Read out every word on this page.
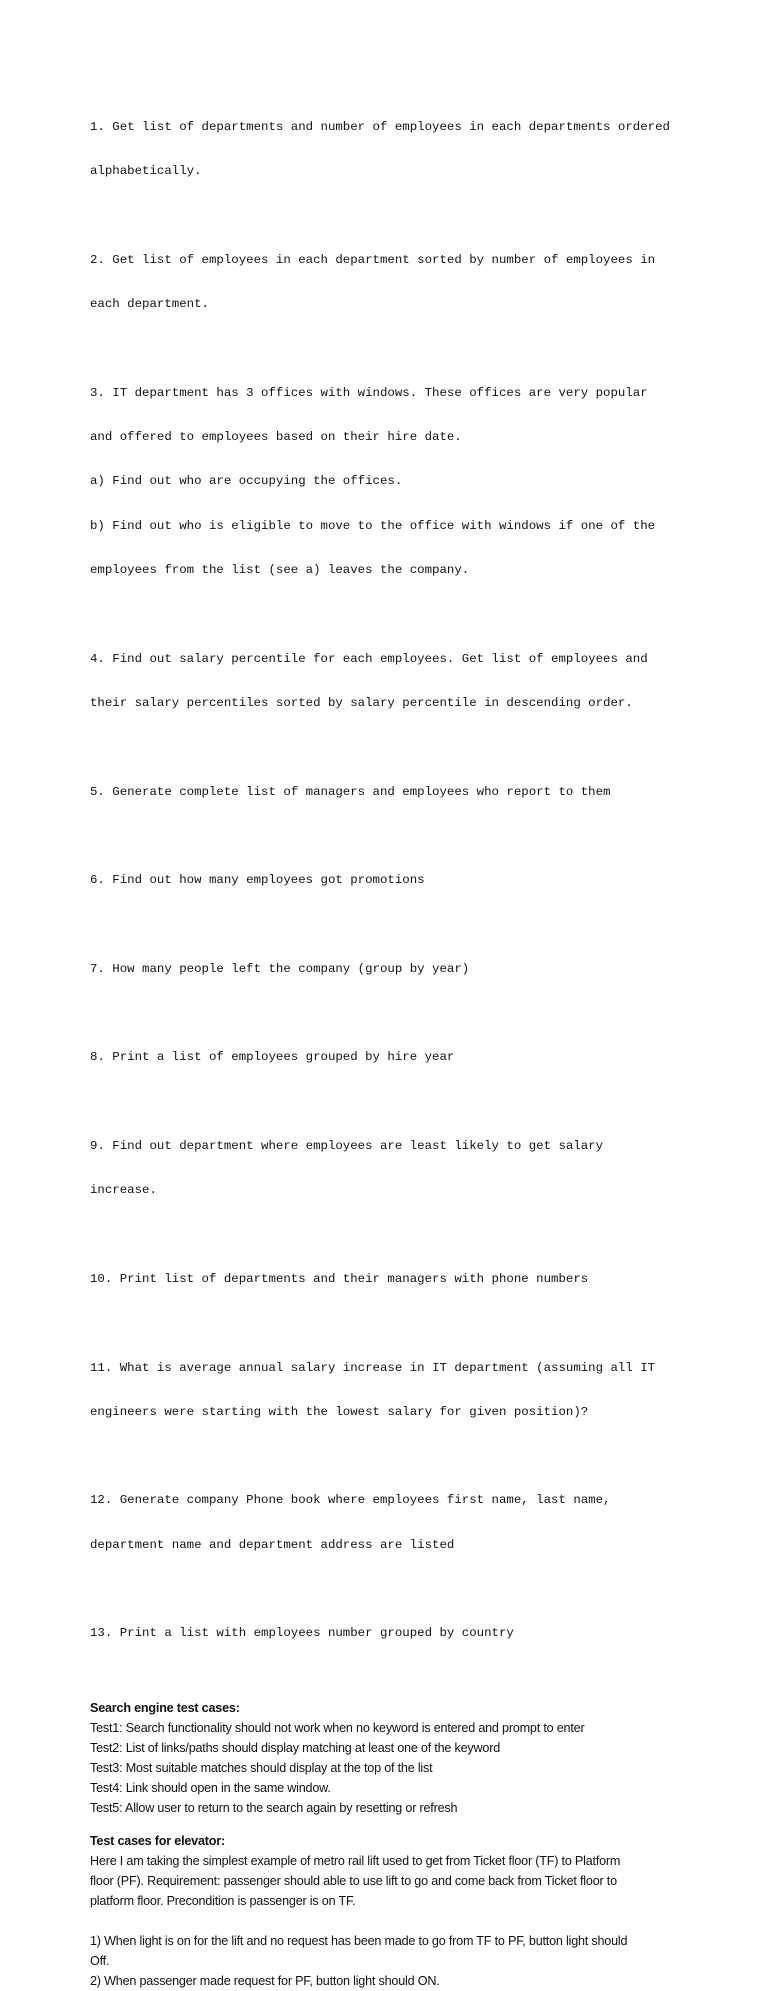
1. Get list of departments and number of employees in each departments ordered

alphabetically.

2. Get list of employees in each department sorted by number of employees in

each department.

3. IT department has 3 offices with windows. These offices are very popular

and offered to employees based on their hire date.

a) Find out who are occupying the offices.

b) Find out who is eligible to move to the office with windows if one of the

employees from the list (see a) leaves the company.

4. Find out salary percentile for each employees. Get list of employees and

their salary percentiles sorted by salary percentile in descending order.

5. Generate complete list of managers and employees who report to them

6. Find out how many employees got promotions

7. How many people left the company (group by year)

8. Print a list of employees grouped by hire year

9. Find out department where employees are least likely to get salary

increase.

10. Print list of departments and their managers with phone numbers

11. What is average annual salary increase in IT department (assuming all IT

engineers were starting with the lowest salary for given position)?

12. Generate company Phone book where employees first name, last name,

department name and department address are listed

13. Print a list with employees number grouped by country

Search engine test cases:
Test1: Search functionality should not work when no keyword is entered and prompt to enter
Test2: List of links/paths should display matching at least one of the keyword
Test3: Most suitable matches should display at the top of the list
Test4: Link should open in the same window.
Test5: Allow user to return to the search again by resetting or refresh
Test cases for elevator:
Here I am taking the simplest example of metro rail lift used to get from Ticket floor (TF) to Platform
floor (PF). Requirement: passenger should able to use lift to go and come back from Ticket floor to
platform floor. Precondition is passenger is on TF.
1) When light is on for the lift and no request has been made to go from TF to PF, button light should
Off.
2) When passenger made request for PF, button light should ON.
